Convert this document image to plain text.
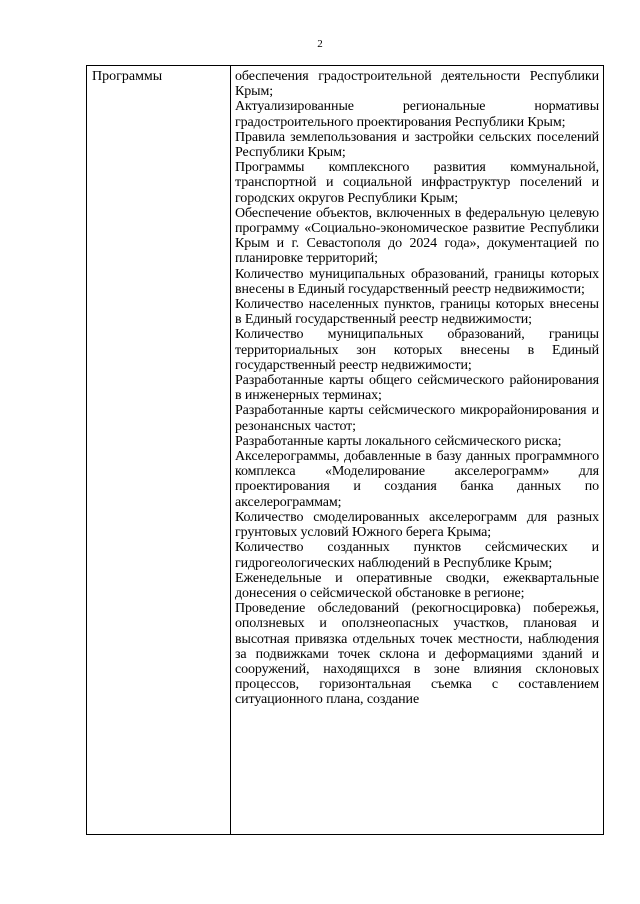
2
Программы	обеспечения градостроительной деятельности Республики Крым;
Актуализированные региональные нормативы градостроительного проектирования Республики Крым;
Правила землепользования и застройки сельских поселений Республики Крым;
Программы комплексного развития коммунальной, транспортной и социальной инфраструктур поселений и городских округов Республики Крым;
Обеспечение объектов, включенных в федеральную целевую программу «Социально-экономическое развитие Республики Крым и г. Севастополя до 2024 года», документацией по планировке территорий;
Количество муниципальных образований, границы которых внесены в Единый государственный реестр недвижимости;
Количество населенных пунктов, границы которых внесены в Единый государственный реестр недвижимости;
Количество муниципальных образований, границы территориальных зон которых внесены в Единый государственный реестр недвижимости;
Разработанные карты общего сейсмического районирования в инженерных терминах;
Разработанные карты сейсмического микрорайонирования и резонансных частот;
Разработанные карты локального сейсмического риска;
Акселерограммы, добавленные в базу данных программного комплекса «Моделирование акселерограмм» для проектирования и создания банка данных по акселерограммам;
Количество смоделированных акселерограмм для разных грунтовых условий Южного берега Крыма;
Количество созданных пунктов сейсмических и гидрогеологических наблюдений в Республике Крым;
Еженедельные и оперативные сводки, ежеквартальные донесения о сейсмической обстановке в регионе;
Проведение обследований (рекогносцировка) побережья, оползневых и оползнеопасных участков, плановая и высотная привязка отдельных точек местности, наблюдения за подвижками точек склона и деформациями зданий и сооружений, находящихся в зоне влияния склоновых процессов, горизонтальная съемка с составлением ситуационного плана, создание
